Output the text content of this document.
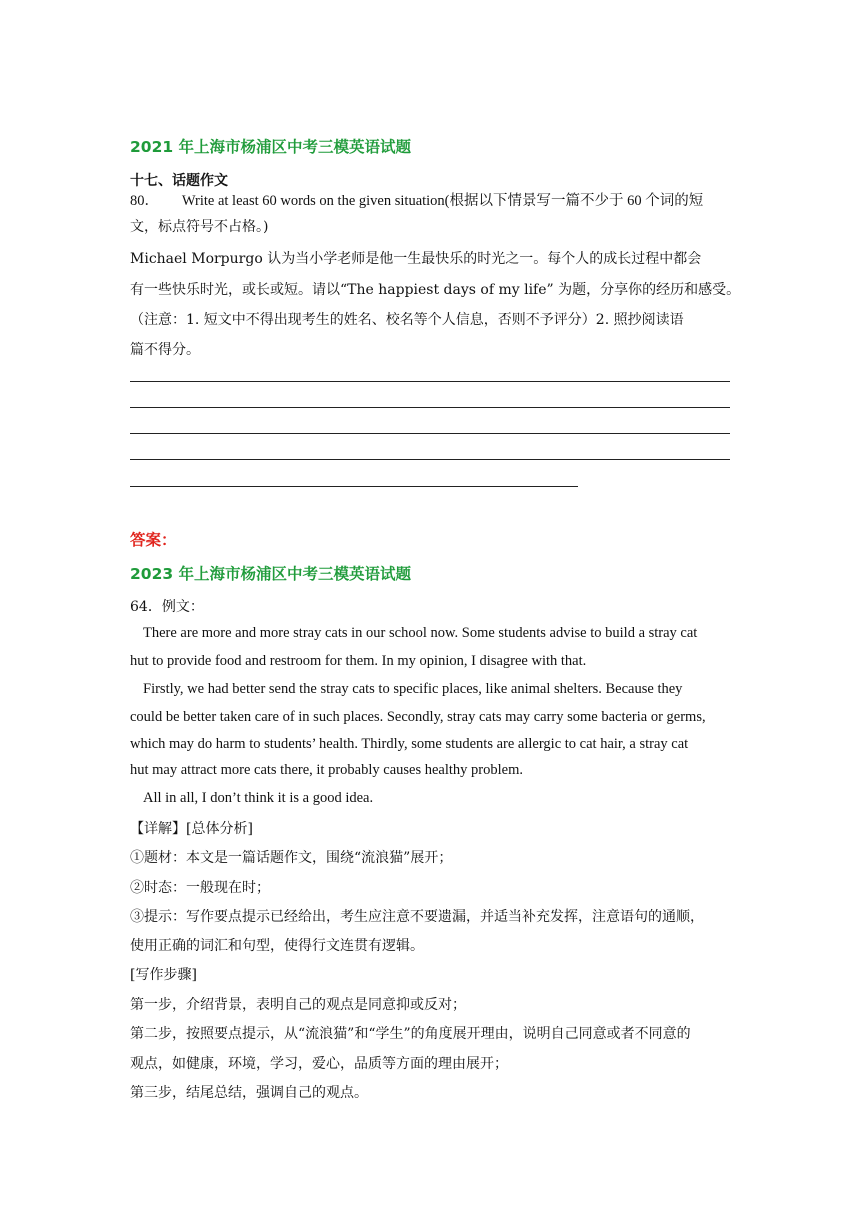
2021 年上海市杨浦区中考三模英语试题
十七、话题作文
80． Write at least 60 words on the given situation(根据以下情景写一篇不少于 60 个词的短
文，标点符号不占格。)
Michael Morpurgo 认为当小学老师是他一生最快乐的时光之一。每个人的成长过程中都会
有一些快乐时光，或长或短。请以“The happiest days of my life” 为题，分享你的经历和感受。
（注意：1. 短文中不得出现考生的姓名、校名等个人信息，否则不予评分）2. 照抄阅读语
篇不得分。
答案：
2023 年上海市杨浦区中考三模英语试题
64．例文：
There are more and more stray cats in our school now. Some students advise to build a stray cat
hut to provide food and restroom for them. In my opinion, I disagree with that.
Firstly, we had better send the stray cats to specific places, like animal shelters. Because they
could be better taken care of in such places. Secondly, stray cats may carry some bacteria or germs,
which may do harm to students’ health. Thirdly, some students are allergic to cat hair, a stray cat
hut may attract more cats there, it probably causes healthy problem.
All in all, I don’t think it is a good idea.
【详解】[总体分析]
①题材：本文是一篇话题作文，围绕“流浪猫”展开；
②时态：一般现在时；
③提示：写作要点提示已经给出，考生应注意不要遗漏，并适当补充发挥，注意语句的通顺，
使用正确的词汇和句型，使得行文连贯有逻辑。
[写作步骤]
第一步，介绍背景，表明自己的观点是同意抑或反对；
第二步，按照要点提示，从“流浪猫”和“学生”的角度展开理由，说明自己同意或者不同意的
观点，如健康，环境，学习，爱心，品质等方面的理由展开；
第三步，结尾总结，强调自己的观点。
